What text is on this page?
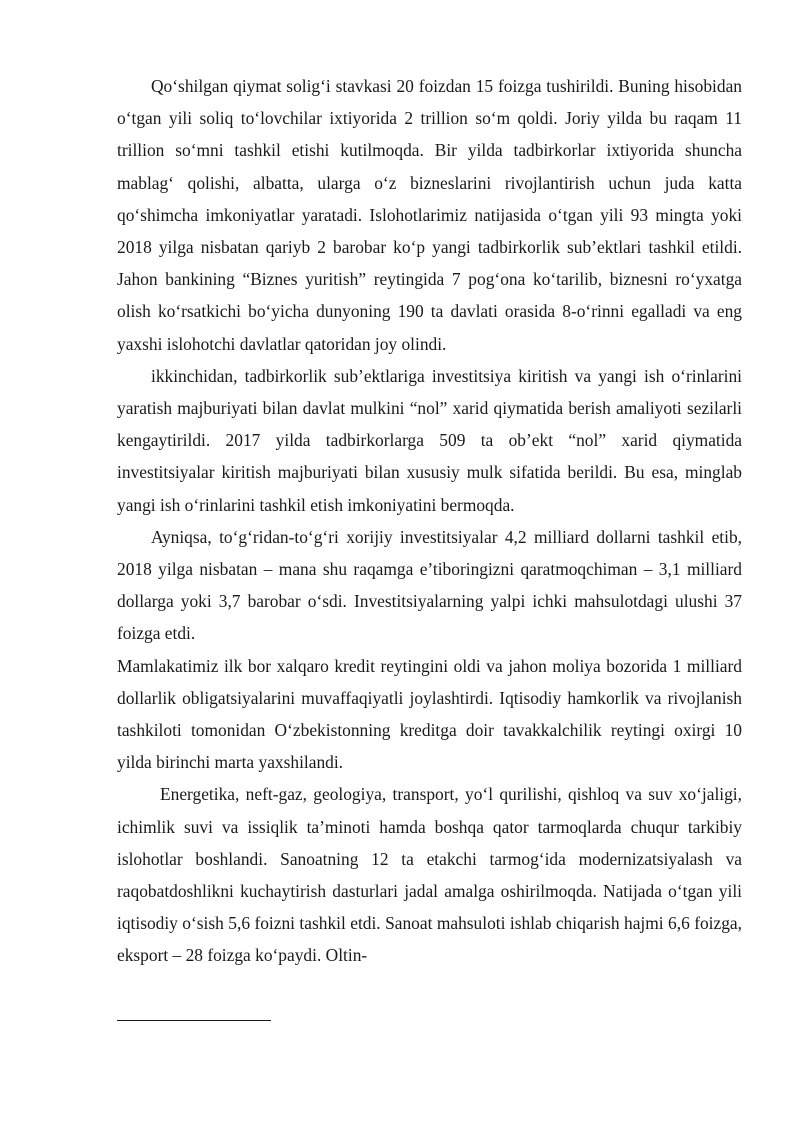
Qo‘shilgan qiymat solig‘i stavkasi 20 foizdan 15 foizga tushirildi. Buning hisobidan o‘tgan yili soliq to‘lovchilar ixtiyorida 2 trillion so‘m qoldi. Joriy yilda bu raqam 11 trillion so‘mni tashkil etishi kutilmoqda. Bir yilda tadbirkorlar ixtiyorida shuncha mablag‘ qolishi, albatta, ularga o‘z bizneslarini rivojlantirish uchun juda katta qo‘shimcha imkoniyatlar yaratadi. Islohotlarimiz natijasida o‘tgan yili 93 mingta yoki 2018 yilga nisbatan qariyb 2 barobar ko‘p yangi tadbirkorlik sub’ektlari tashkil etildi. Jahon bankining “Biznes yuritish” reytingida 7 pog‘ona ko‘tarilib, biznesni ro‘yxatga olish ko‘rsatkichi bo‘yicha dunyoning 190 ta davlati orasida 8-o‘rinni egalladi va eng yaxshi islohotchi davlatlar qatoridan joy olindi.

ikkinchidan, tadbirkorlik sub’ektlariga investitsiya kiritish va yangi ish o‘rinlarini yaratish majburiyati bilan davlat mulkini “nol” xarid qiymatida berish amaliyoti sezilarli kengaytirildi. 2017 yilda tadbirkorlarga 509 ta ob’ekt “nol” xarid qiymatida investitsiyalar kiritish majburiyati bilan xususiy mulk sifatida berildi. Bu esa, minglab yangi ish o‘rinlarini tashkil etish imkoniyatini bermoqda.

Ayniqsa, to‘g‘ridan-to‘g‘ri xorijiy investitsiyalar 4,2 milliard dollarni tashkil etib, 2018 yilga nisbatan – mana shu raqamga e’tiboringizni qaratmoqchiman – 3,1 milliard dollarga yoki 3,7 barobar o‘sdi. Investitsiyalarning yalpi ichki mahsulotdagi ulushi 37 foizga etdi.

Mamlakatimiz ilk bor xalqaro kredit reytingini oldi va jahon moliya bozorida 1 milliard dollarlik obligatsiyalarini muvaffaqiyatli joylashtirdi. Iqtisodiy hamkorlik va rivojlanish tashkiloti tomonidan O‘zbekistonning kreditga doir tavakkalchilik reytingi oxirgi 10 yilda birinchi marta yaxshilandi.

Energetika, neft-gaz, geologiya, transport, yo‘l qurilishi, qishloq va suv xo‘jaligi, ichimlik suvi va issiqlik ta’minoti hamda boshqa qator tarmoqlarda chuqur tarkibiy islohotlar boshlandi. Sanoatning 12 ta etakchi tarmog‘ida modernizatsiyalash va raqobatdoshlikni kuchaytirish dasturlari jadal amalga oshirilmoqda. Natijada o‘tgan yili iqtisodiy o‘sish 5,6 foizni tashkil etdi. Sanoat mahsuloti ishlab chiqarish hajmi 6,6 foizga, eksport – 28 foizga ko‘paydi. Oltin-
